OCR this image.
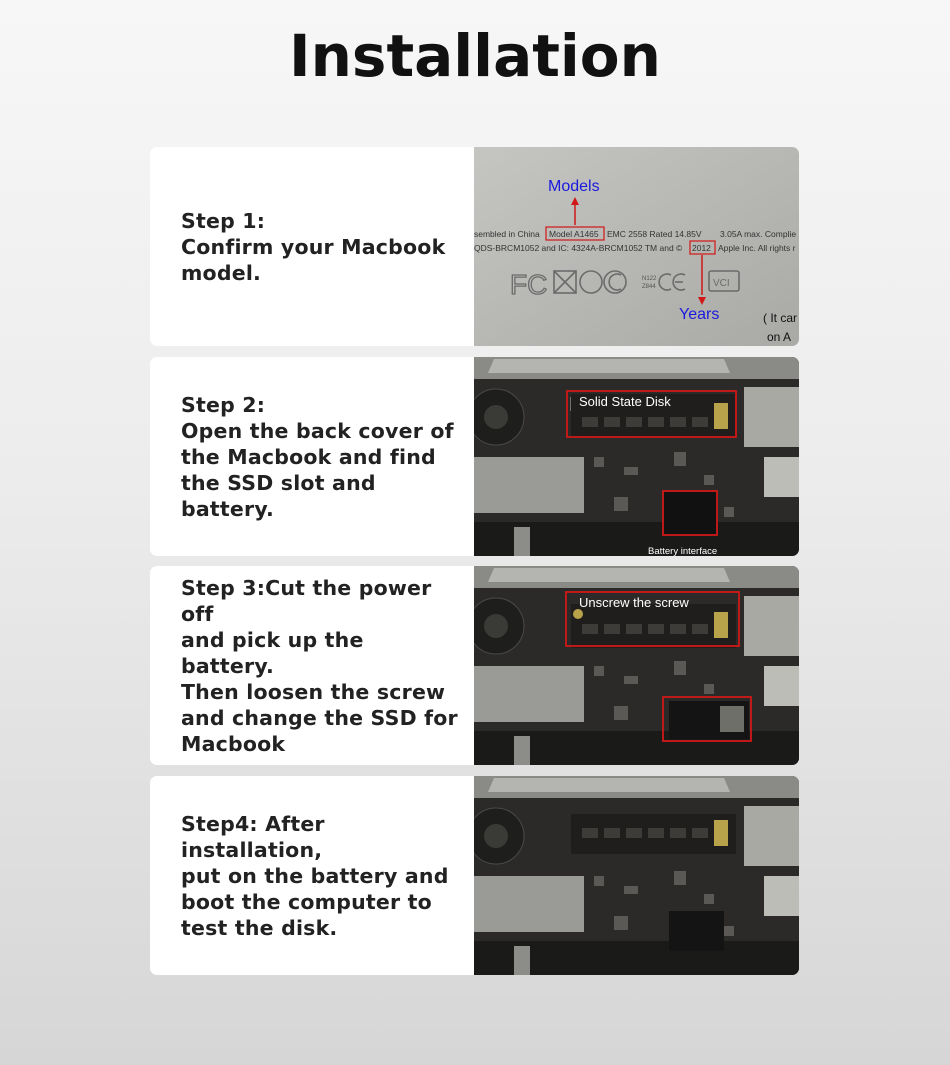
Installation
Step 1:
Confirm your Macbook
model.
Models
sembled in China Model A1465 EMC 2558 Rated 14.85V 3.05A max. Complie
QDS-BRCM1052 and IC: 4324A-BRCM1052 TM and © 2012 Apple Inc. All rights r
FC	N122
Z844	VCI
Years	( It car
on A
Step 2:
Open the back cover of
the Macbook and find
the SSD slot and battery.
Solid State Disk
Battery interface
Step 3:Cut the power off
and pick up the battery.
Then loosen the screw
and change the SSD for
Macbook
Unscrew the screw
Step4: After installation,
put on the battery and
boot the computer to
test the disk.
